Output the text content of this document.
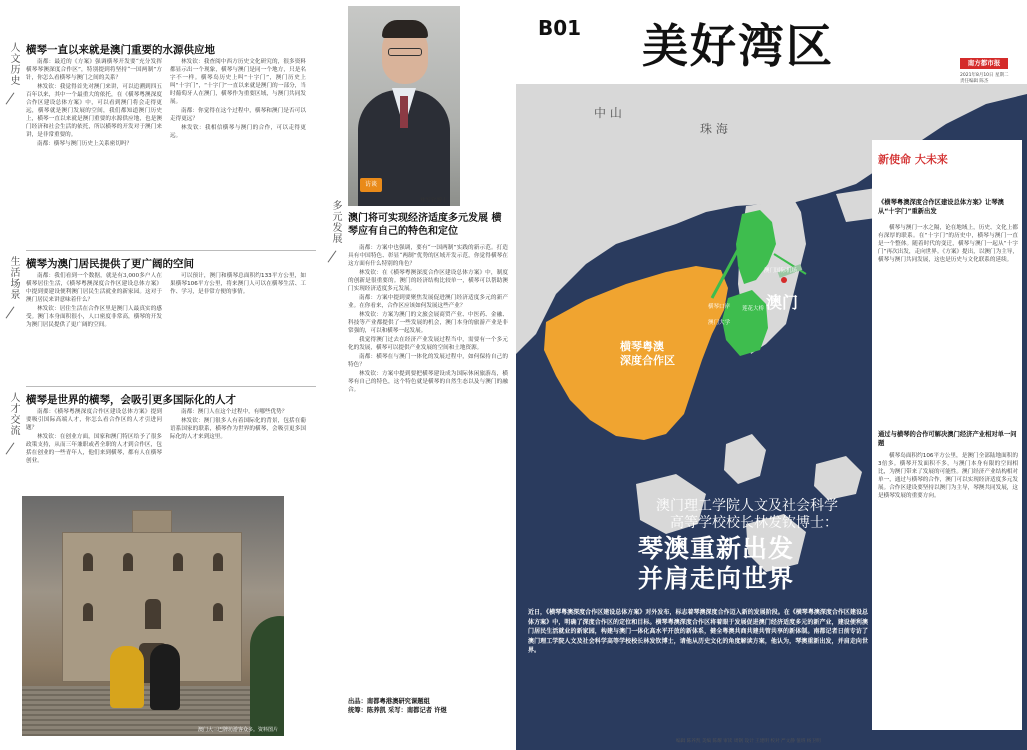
人文历史
生活场景
人才交流
多元发展
横琴一直以来就是澳门重要的水源供应地

南都：最近的《方案》强调横琴开发要“充分发挥横琴琴澳深度合作区”，特别提到将坚持“一国两制”方针，你怎么看横琴与澳门之间的关系？

林发钦：我觉得首先对澳门来讲，可以追溯到四五百年以来，其中一个最重大的依托，在《横琴粤澳深度合作区建设总体方案》中，可以看到澳门将会走得更远，横琴就是澳门发展的空间，我们都知道澳门历史上，横琴一直以来就是澳门重要的水源供应地，也是澳门经济和社会生活的依托，所以横琴的开发对于澳门来讲，是非常重要的。

南都：横琴与澳门历史上关系密切吗？

林发钦：我查阅中西方历史文化研究的，很多资料都显示出一个现象，横琴与澳门是同一个地方，只是名字不一样。横琴岛历史上叫“十字门”，澳门历史上叫“十字门”，“十字门”一直以来就是澳门的一部分，当时葡萄牙人在澳门，横琴作为重要区域，与澳门共同发展。

南都：你觉得在这个过程中，横琴和澳门是否可以走得更远？

林发钦：我相信横琴与澳门的合作，可以走得更远。

横琴为澳门居民提供了更广阔的空间

南都：我们看到一个数据，就是有3,000多户人在横琴居住生活，《横琴粤澳深度合作区建设总体方案》中提到要建设便利澳门居民生活就业的新家园。这对于澳门居民来讲意味着什么？

林发钦：居住生活在合作区里是澳门人最真实的感受。澳门本身面积很小，人口密度非常高，横琴的开发为澳门居民提供了更广阔的空间。

可以预计，澳门和横琴总面积约133平方公里，如果横琴106平方公里，将来澳门人可以在横琴生活、工作、学习，是非常方便的事情。

横琴是世界的横琴，会吸引更多国际化的人才

南都：《横琴粤澳深度合作区建设总体方案》提到要吸引国际高端人才，你怎么看合作区的人才引进问题？

林发钦：在创业方面，国家和澳门特区给予了很多政策支持，从而三年兼职或者全职的人才到合作区，包括在创业的一些青年人，他们来到横琴，都有人在横琴创业。

南都：澳门人在这个过程中，有哪些优势？

林发钦：澳门很多人有着国际化的背景，包括在葡语系国家的联系，横琴作为世界的横琴，会吸引更多国际化的人才来到这里。

澳门大三巴牌坊游客众多。资料图片
访谈
林发钦博士。
澳门将可实现经济适度多元发展 横琴应有自己的特色和定位

南都：方案中也强调，要有“一国两制”实践的新示范。打造具有中国特色、彰显“两制”优势的区域开发示范，你觉得横琴在这方面有什么特别的角色？

林发钦：在《横琴粤澳深度合作区建设总体方案》中，制度的创新是很重要的。澳门的经济结构比较单一，横琴可以帮助澳门实现经济适度多元发展。

南都：方案中提到要聚焦发展促进澳门经济适度多元的新产业。在你看来，合作区应该如何发展这些产业？

林发钦：方案为澳门的文旅会展商贸产业、中医药、金融、科技等产业都提供了一些发展的机会，澳门本身的旅游产业是非常强的，可以和横琴一起发展。

我觉得澳门过去在经济产业发展过程当中，需要有一个多元化的发展，横琴可以提供产业发展的空间和土地资源。

南都：横琴在与澳门一体化的发展过程中，如何保持自己的特色？

林发钦：方案中提到要把横琴建设成为国际休闲旅游岛，横琴有自己的特色，这个特色就是横琴的自然生态以及与澳门的融合。

出品：南都粤港澳研究课题组
统筹：陈养凯 采写：南都记者 许煜
B01 美好湾区	南方都市报
2021年8月10日 星期二
责任编辑 陈杰
中 山
珠 海
横琴粤澳
深度合作区
澳门
澳门国际机场
横琴口岸
澳门大学
莲花大桥
澳门理工学院人文及社会科学
高等学校校长林发钦博士：
琴澳重新出发
并肩走向世界
近日，《横琴粤澳深度合作区建设总体方案》对外发布，标志着琴澳深度合作迈入新的发展阶段。在《横琴粤澳深度合作区建设总体方案》中，明确了深度合作区的定位和目标。横琴粤澳深度合作区将着眼于发展促进澳门经济适度多元的新产业，建设便利澳门居民生活就业的新家园，构建与澳门一体化高水平开放的新体系，健全粤澳共商共建共管共享的新体制。南都记者日前专访了澳门理工学院人文及社会科学高等学校校长林发钦博士，请他从历史文化的角度解读方案，他认为，琴澳重新出发，并肩走向世界。
新使命 大未来
《横琴粤澳深度合作区建设总体方案》让琴澳从“十字门”重新出发
横琴与澳门一水之隔，论在地域上，历史、文化上都有深厚的联系。在“十字门”的历史中，横琴与澳门一直是一个整体。随着时代的变迁，横琴与澳门一起从“十字门”再次出发，走向世界。《方案》提出，以澳门为主导，横琴与澳门共同发展，这也是历史与文化联系的延续。
通过与横琴的合作可解决澳门经济产业相对单一问题
横琴岛面积约106平方公里，是澳门全部陆地面积的3倍多。横琴开发面积不多，与澳门本身有限的空间相比，为澳门带来了发展的可能性。澳门经济产业结构相对单一，通过与横琴的合作，澳门可以实现经济适度多元发展。合作区建设要坚持以澳门为主导，琴澳共同发展，这是横琴发展的重要方向。
编辑 陈养凯 美编 陈耀 审读 周钢 设计 王建明 校对 严文静 值班 杨卫明
